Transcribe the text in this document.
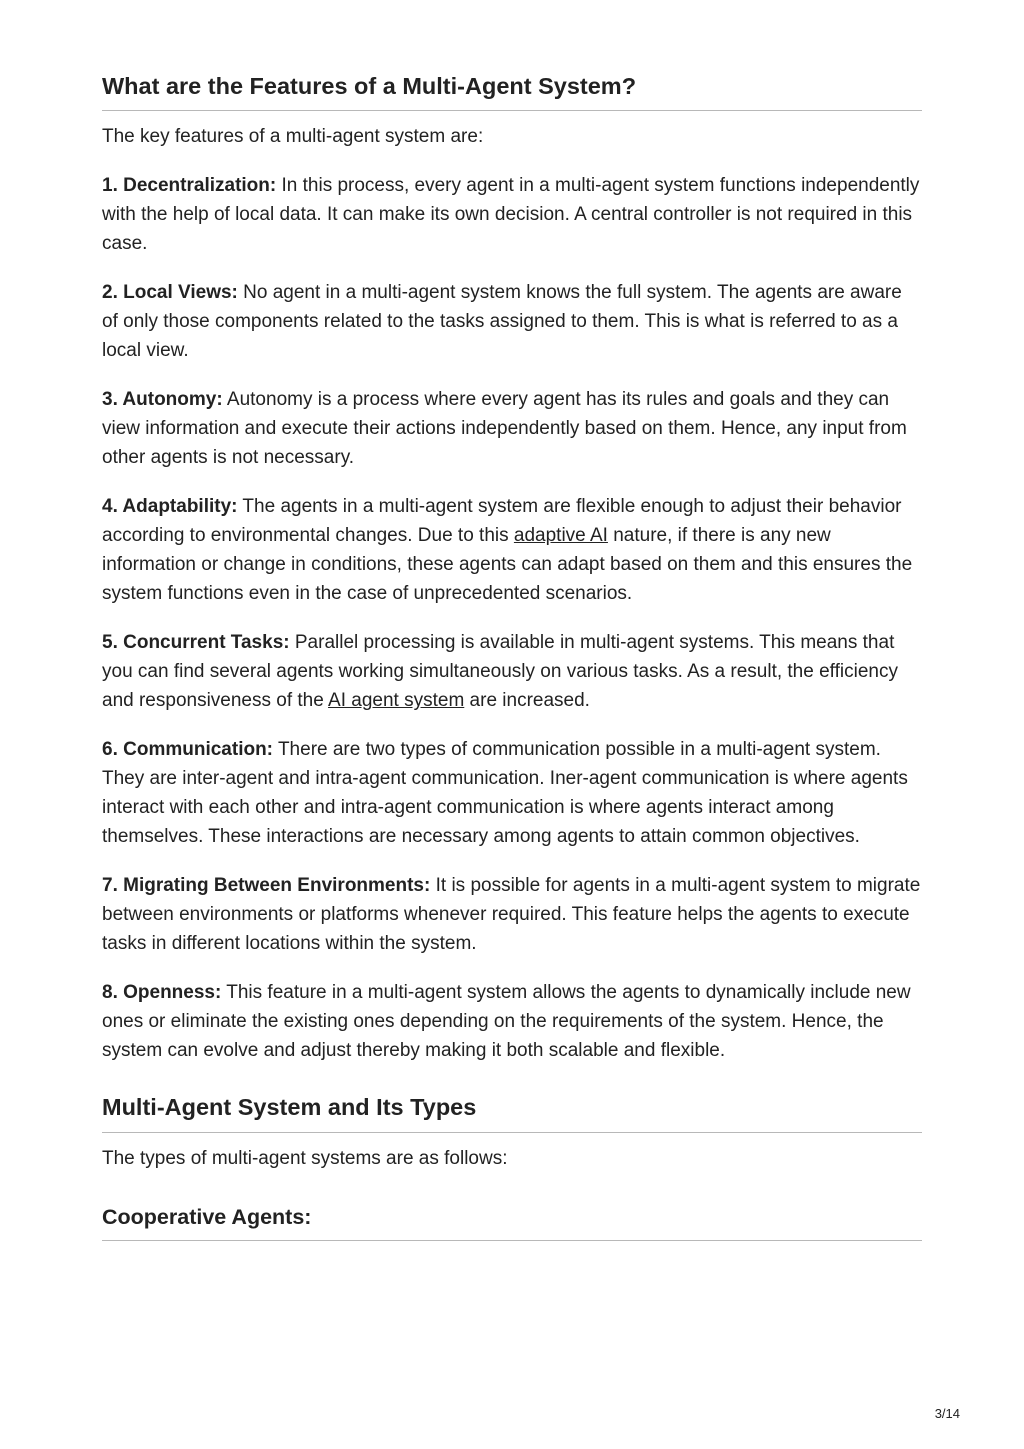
What are the Features of a Multi-Agent System?

The key features of a multi-agent system are:

1. Decentralization: In this process, every agent in a multi-agent system functions independently with the help of local data. It can make its own decision. A central controller is not required in this case.

2. Local Views: No agent in a multi-agent system knows the full system. The agents are aware of only those components related to the tasks assigned to them. This is what is referred to as a local view.

3. Autonomy: Autonomy is a process where every agent has its rules and goals and they can view information and execute their actions independently based on them. Hence, any input from other agents is not necessary.

4. Adaptability: The agents in a multi-agent system are flexible enough to adjust their behavior according to environmental changes. Due to this adaptive AI nature, if there is any new information or change in conditions, these agents can adapt based on them and this ensures the system functions even in the case of unprecedented scenarios.

5. Concurrent Tasks: Parallel processing is available in multi-agent systems. This means that you can find several agents working simultaneously on various tasks. As a result, the efficiency and responsiveness of the AI agent system are increased.

6. Communication: There are two types of communication possible in a multi-agent system. They are inter-agent and intra-agent communication. Iner-agent communication is where agents interact with each other and intra-agent communication is where agents interact among themselves. These interactions are necessary among agents to attain common objectives.

7. Migrating Between Environments: It is possible for agents in a multi-agent system to migrate between environments or platforms whenever required. This feature helps the agents to execute tasks in different locations within the system.

8. Openness: This feature in a multi-agent system allows the agents to dynamically include new ones or eliminate the existing ones depending on the requirements of the system. Hence, the system can evolve and adjust thereby making it both scalable and flexible.

Multi-Agent System and Its Types

The types of multi-agent systems are as follows:

Cooperative Agents:
3/14
